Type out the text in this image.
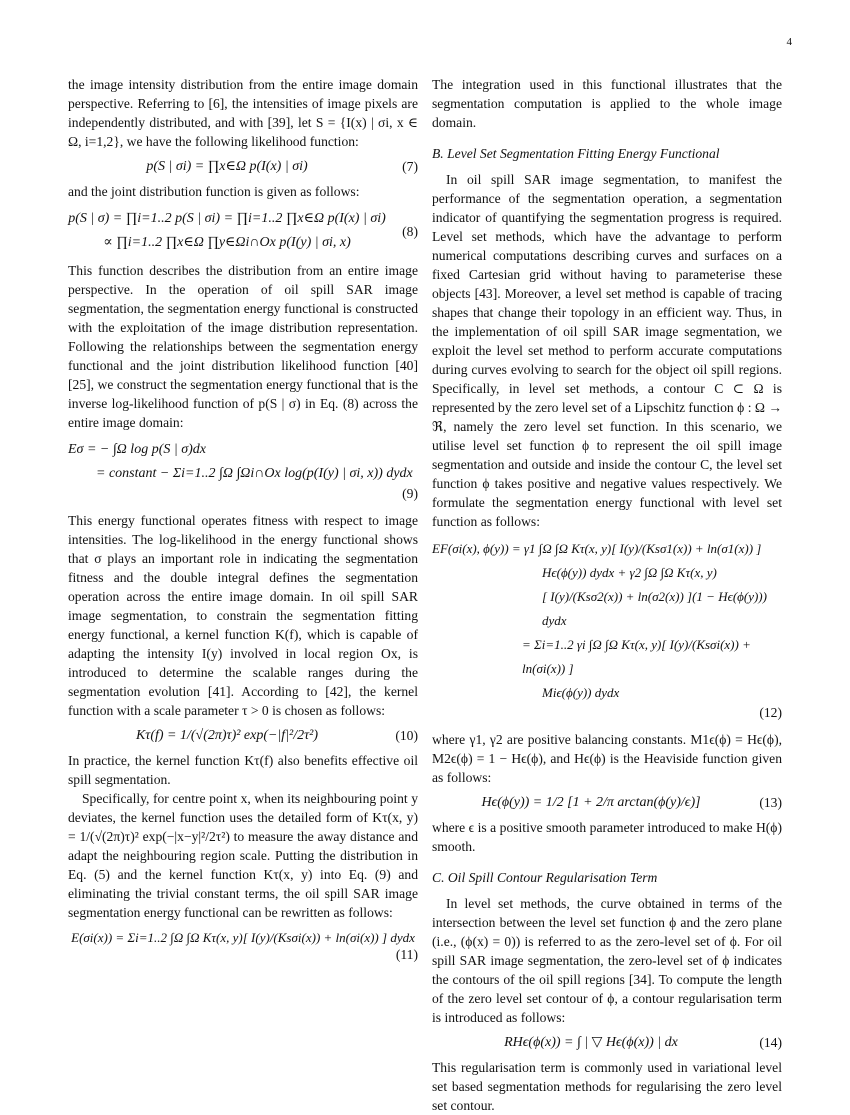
4

the image intensity distribution from the entire image domain perspective. Referring to [6], the intensities of image pixels are independently distributed, and with [39], let S = {I(x) | σi, x ∈ Ω, i=1,2}, we have the following likelihood function:

p(S | σi) = ∏x∈Ω p(I(x) | σi)	(7)

and the joint distribution function is given as follows:

p(S | σ) = ∏i=1..2 p(S | σi) = ∏i=1..2 ∏x∈Ω p(I(x) | σi)
∝ ∏i=1..2 ∏x∈Ω ∏y∈Ωi∩Ox p(I(y) | σi, x)
(8)

This function describes the distribution from an entire image perspective. In the operation of oil spill SAR image segmentation, the segmentation energy functional is constructed with the exploitation of the image distribution representation. Following the relationships between the segmentation energy functional and the joint distribution likelihood function [40] [25], we construct the segmentation energy functional that is the inverse log-likelihood function of p(S | σ) in Eq. (8) across the entire image domain:

Eσ = − ∫Ω log p(S | σ)dx
= constant − Σi=1..2 ∫Ω ∫Ωi∩Ox log(p(I(y) | σi, x)) dydx
(9)

This energy functional operates fitness with respect to image intensities. The log-likelihood in the energy functional shows that σ plays an important role in indicating the segmentation fitness and the double integral defines the segmentation operation across the entire image domain. In oil spill SAR image segmentation, to constrain the segmentation fitting energy functional, a kernel function K(f), which is capable of adapting the intensity I(y) involved in local region Ox, is introduced to determine the scalable ranges during the segmentation evolution [41]. According to [42], the kernel function with a scale parameter τ > 0 is chosen as follows:

Kτ(f) = 1/(√(2π)τ)² exp(−|f|²/2τ²)	(10)

In practice, the kernel function Kτ(f) also benefits effective oil spill segmentation.

Specifically, for centre point x, when its neighbouring point y deviates, the kernel function uses the detailed form of Kτ(x, y) = 1/(√(2π)τ)² exp(−|x−y|²/2τ²) to measure the away distance and adapt the neighbouring region scale. Putting the distribution in Eq. (5) and the kernel function Kτ(x, y) into Eq. (9) and eliminating the trivial constant terms, the oil spill SAR image segmentation energy functional can be rewritten as follows:

E(σi(x)) = Σi=1..2 ∫Ω ∫Ω Kτ(x, y)[ I(y)/(Ksσi(x)) + ln(σi(x)) ] dydx
(11)

The integration used in this functional illustrates that the segmentation computation is applied to the whole image domain.

B. Level Set Segmentation Fitting Energy Functional

In oil spill SAR image segmentation, to manifest the performance of the segmentation operation, a segmentation indicator of quantifying the segmentation progress is required. Level set methods, which have the advantage to perform numerical computations describing curves and surfaces on a fixed Cartesian grid without having to parameterise these objects [43]. Moreover, a level set method is capable of tracing shapes that change their topology in an efficient way. Thus, in the implementation of oil spill SAR image segmentation, we exploit the level set method to perform accurate computations during curves evolving to search for the object oil spill regions. Specifically, in level set methods, a contour C ⊂ Ω is represented by the zero level set of a Lipschitz function ϕ : Ω → ℜ, namely the zero level set function. In this scenario, we utilise level set function ϕ to represent the oil spill image segmentation and outside and inside the contour C, the level set function ϕ takes positive and negative values respectively. We formulate the segmentation energy functional with level set function as follows:

EF(σi(x), ϕ(y)) = γ1 ∫Ω ∫Ω Kτ(x, y)[ I(y)/(Ksσ1(x)) + ln(σ1(x)) ]
Hϵ(ϕ(y)) dydx + γ2 ∫Ω ∫Ω Kτ(x, y)
[ I(y)/(Ksσ2(x)) + ln(σ2(x)) ](1 − Hϵ(ϕ(y))) dydx
= Σi=1..2 γi ∫Ω ∫Ω Kτ(x, y)[ I(y)/(Ksσi(x)) + ln(σi(x)) ]
Miϵ(ϕ(y)) dydx
(12)

where γ1, γ2 are positive balancing constants. M1ϵ(ϕ) = Hϵ(ϕ), M2ϵ(ϕ) = 1 − Hϵ(ϕ), and Hϵ(ϕ) is the Heaviside function given as follows:

Hϵ(ϕ(y)) = 1/2 [1 + 2/π arctan(ϕ(y)/ϵ)]	(13)

where ϵ is a positive smooth parameter introduced to make H(ϕ) smooth.

C. Oil Spill Contour Regularisation Term

In level set methods, the curve obtained in terms of the intersection between the level set function ϕ and the zero plane (i.e., (ϕ(x) = 0)) is referred to as the zero-level set of ϕ. For oil spill SAR image segmentation, the zero-level set of ϕ indicates the contours of the oil spill regions [34]. To compute the length of the zero level set contour of ϕ, a contour regularisation term is introduced as follows:

RHϵ(ϕ(x)) = ∫ | ▽ Hϵ(ϕ(x)) | dx	(14)

This regularisation term is commonly used in variational level set based segmentation methods for regularising the zero level set contour.
